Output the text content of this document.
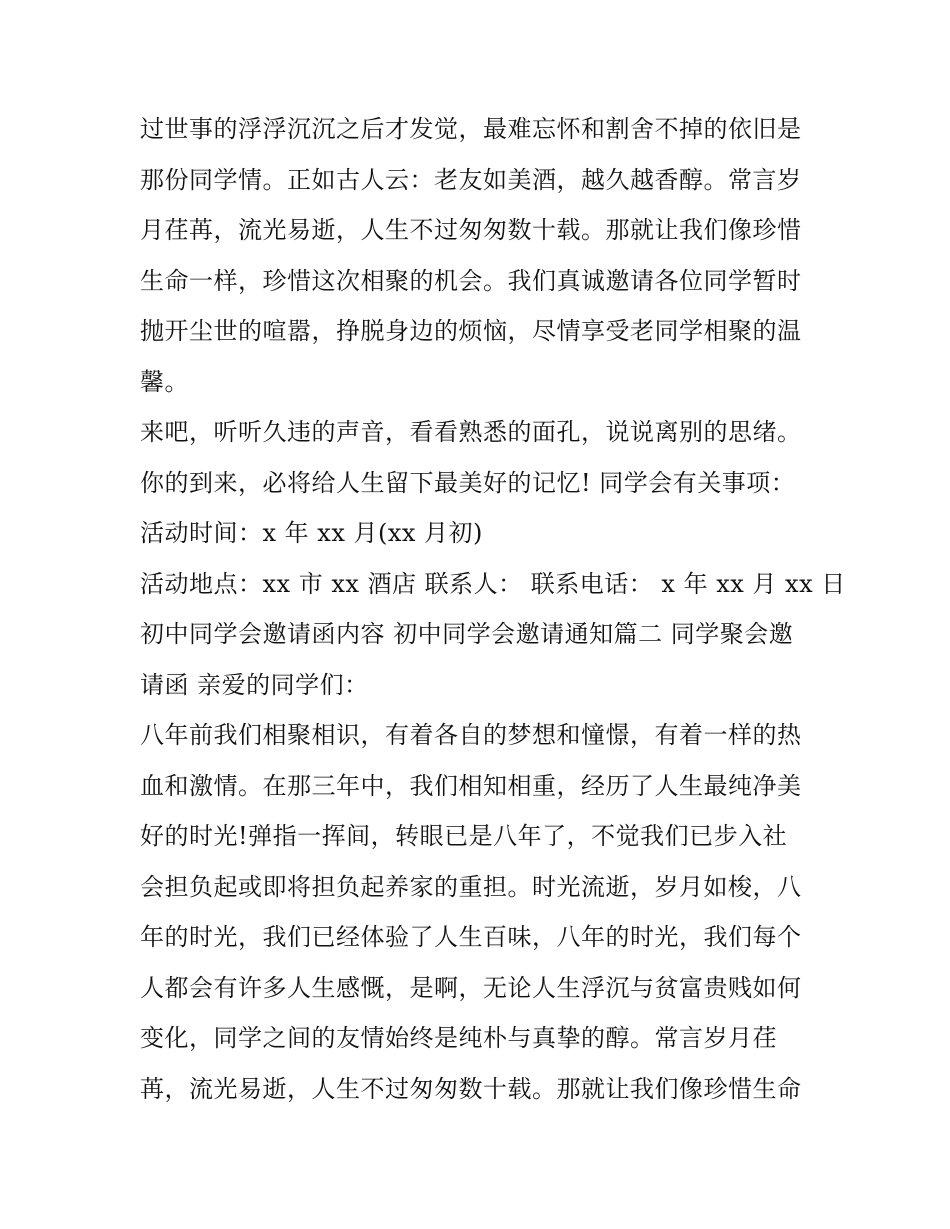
过世事的浮浮沉沉之后才发觉，最难忘怀和割舍不掉的依旧是
那份同学情。正如古人云：老友如美酒，越久越香醇。常言岁
月荏苒，流光易逝，人生不过匆匆数十载。那就让我们像珍惜
生命一样，珍惜这次相聚的机会。我们真诚邀请各位同学暂时
抛开尘世的喧嚣，挣脱身边的烦恼，尽情享受老同学相聚的温
馨。
来吧，听听久违的声音，看看熟悉的面孔，说说离别的思绪。
你的到来，必将给人生留下最美好的记忆! 同学会有关事项：
活动时间：x 年 xx 月(xx 月初)
活动地点：xx 市 xx 酒店 联系人： 联系电话： x 年 xx 月 xx 日
初中同学会邀请函内容 初中同学会邀请通知篇二 同学聚会邀
请函 亲爱的同学们：
八年前我们相聚相识，有着各自的梦想和憧憬，有着一样的热
血和激情。在那三年中，我们相知相重，经历了人生最纯净美
好的时光!弹指一挥间，转眼已是八年了，不觉我们已步入社
会担负起或即将担负起养家的重担。时光流逝，岁月如梭，八
年的时光，我们已经体验了人生百味，八年的时光，我们每个
人都会有许多人生感慨，是啊，无论人生浮沉与贫富贵贱如何
变化，同学之间的友情始终是纯朴与真挚的醇。常言岁月荏
苒，流光易逝，人生不过匆匆数十载。那就让我们像珍惜生命
